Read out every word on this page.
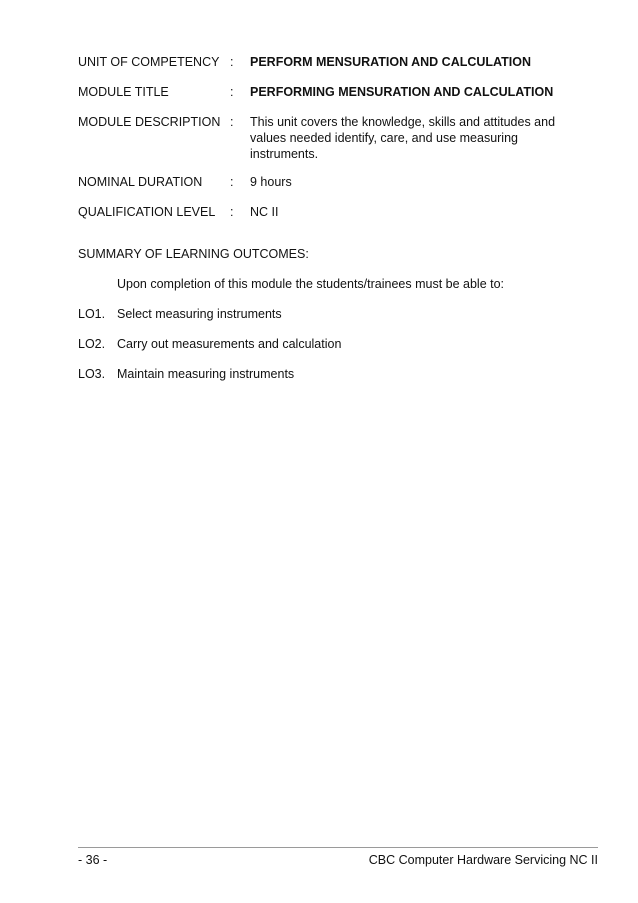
UNIT OF COMPETENCY :	PERFORM MENSURATION AND CALCULATION
MODULE TITLE	:	PERFORMING MENSURATION AND CALCULATION
MODULE DESCRIPTION :	This unit covers the knowledge, skills and attitudes and values needed identify, care, and use measuring instruments.
NOMINAL DURATION	:	9 hours
QUALIFICATION LEVEL	:	NC II
SUMMARY OF LEARNING OUTCOMES:
Upon completion of this module the students/trainees must be able to:
LO1. Select measuring instruments
LO2. Carry out measurements and calculation
LO3. Maintain measuring instruments
- 36 -	CBC Computer Hardware Servicing NC II
